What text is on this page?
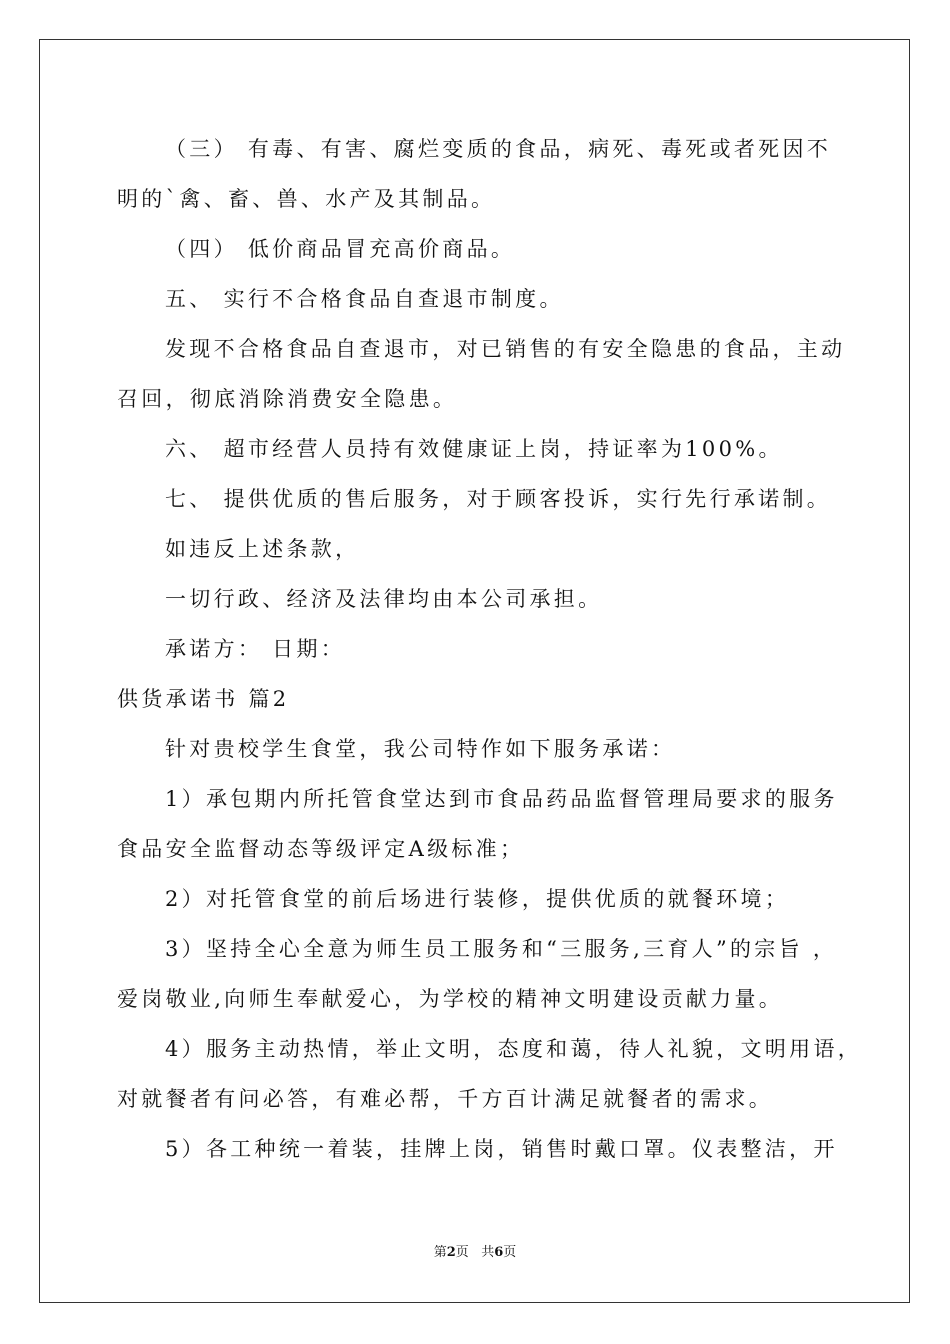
（三） 有毒、有害、腐烂变质的食品，病死、毒死或者死因不
明的`禽、畜、兽、水产及其制品。
（四） 低价商品冒充高价商品。
五、 实行不合格食品自查退市制度。
发现不合格食品自查退市，对已销售的有安全隐患的食品，主动
召回，彻底消除消费安全隐患。
六、 超市经营人员持有效健康证上岗，持证率为100%。
七、 提供优质的售后服务，对于顾客投诉，实行先行承诺制。
如违反上述条款，
一切行政、经济及法律均由本公司承担。
承诺方： 日期：
供货承诺书 篇2
针对贵校学生食堂，我公司特作如下服务承诺：
1）承包期内所托管食堂达到市食品药品监督管理局要求的服务
食品安全监督动态等级评定A级标准；
2）对托管食堂的前后场进行装修，提供优质的就餐环境；
3）坚持全心全意为师生员工服务和“三服务,三育人”的宗旨 ，
爱岗敬业,向师生奉献爱心，为学校的精神文明建设贡献力量。
4）服务主动热情，举止文明，态度和蔼，待人礼貌，文明用语，
对就餐者有问必答，有难必帮，千方百计满足就餐者的需求。
5）各工种统一着装，挂牌上岗，销售时戴口罩。仪表整洁，开
第2页 共6页
